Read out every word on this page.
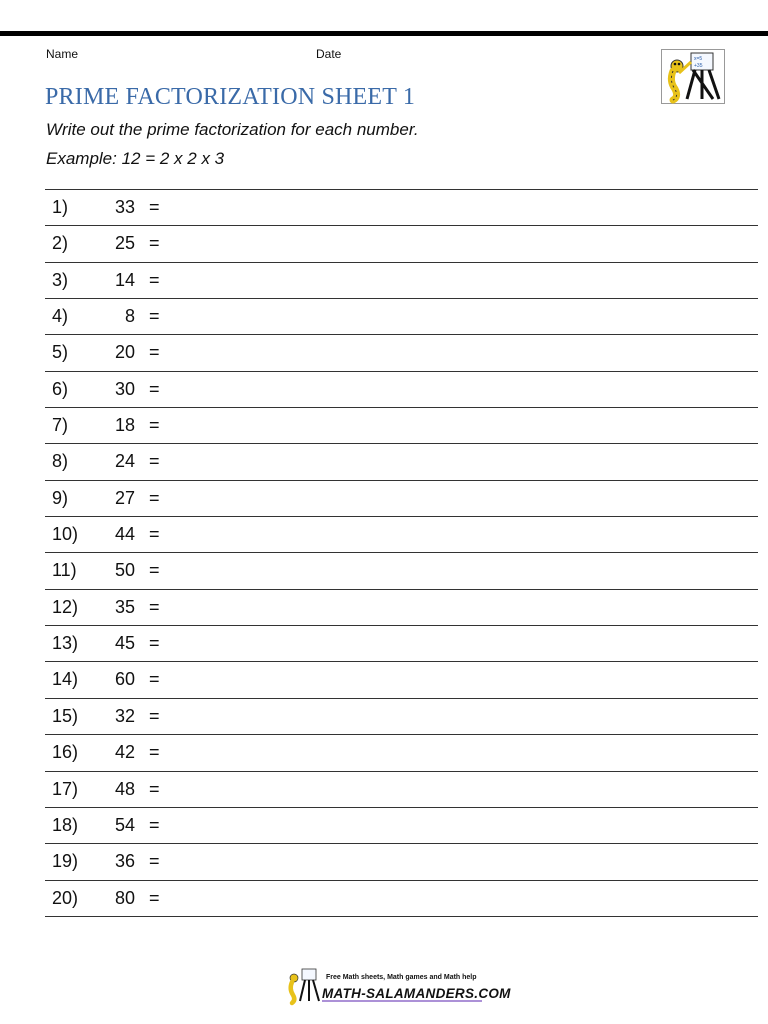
Name	Date	x=5
+35
PRIME FACTORIZATION SHEET 1
Write out the prime factorization for each number.
Example: 12 = 2 x 2 x 3
1)	33 =
2)	25 =
3)	14 =
4)	8 =
5)	20 =
6)	30 =
7)	18 =
8)	24 =
9)	27 =
10)	44 =
11)	50 =
12)	35 =
13)	45 =
14)	60 =
15)	32 =
16)	42 =
17)	48 =
18)	54 =
19)	36 =
20)	80 =
Free Math sheets, Math games and Math help
MATH-SALAMANDERS.COM
